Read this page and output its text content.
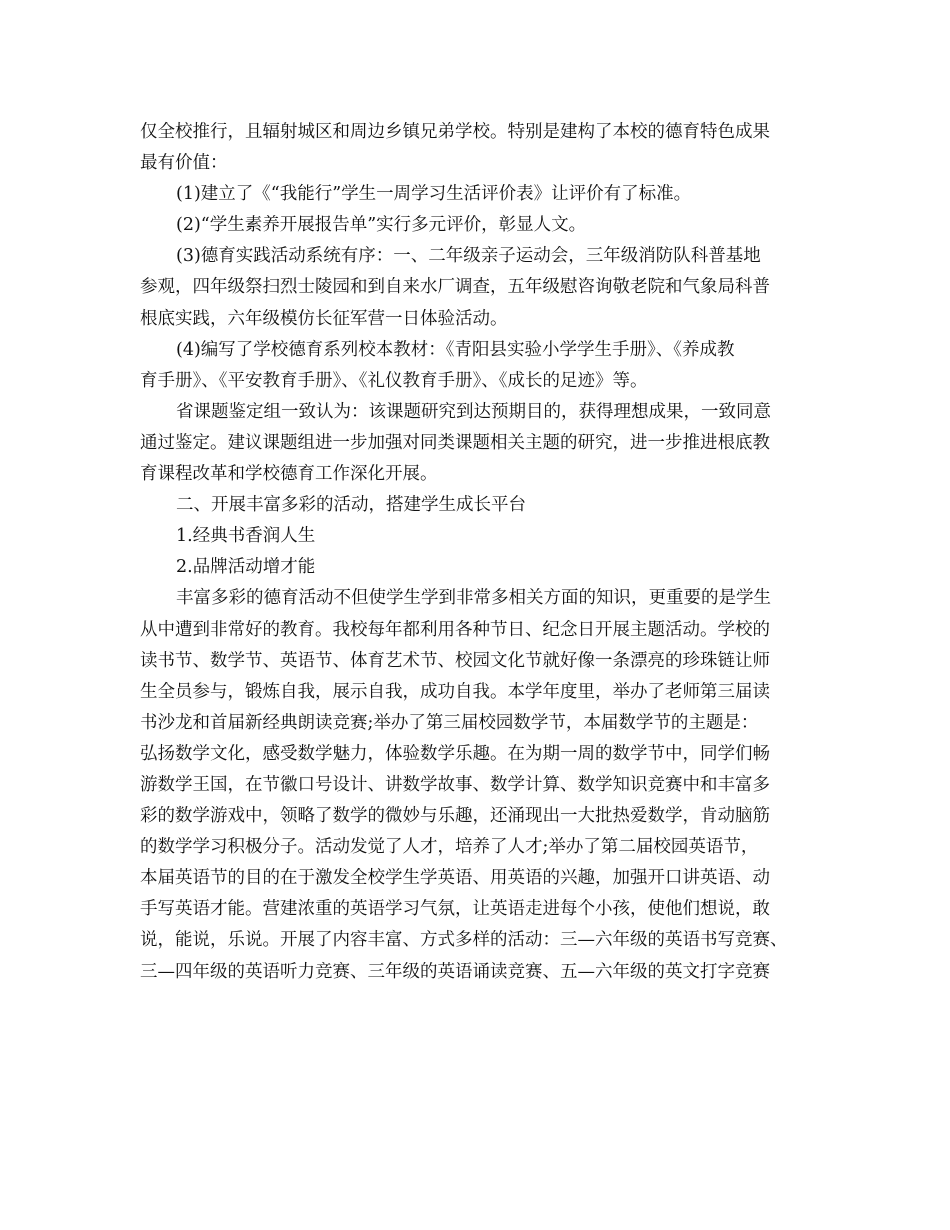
仅全校推行，且辐射城区和周边乡镇兄弟学校。特别是建构了本校的德育特色成果
最有价值：
(1)建立了《“我能行”学生一周学习生活评价表》让评价有了标准。
(2)“学生素养开展报告单”实行多元评价，彰显人文。
(3)德育实践活动系统有序：一、二年级亲子运动会，三年级消防队科普基地
参观，四年级祭扫烈士陵园和到自来水厂调查，五年级慰咨询敬老院和气象局科普
根底实践，六年级模仿长征军营一日体验活动。
(4)编写了学校德育系列校本教材：《青阳县实验小学学生手册》、《养成教
育手册》、《平安教育手册》、《礼仪教育手册》、《成长的足迹》等。
省课题鉴定组一致认为：该课题研究到达预期目的，获得理想成果，一致同意
通过鉴定。建议课题组进一步加强对同类课题相关主题的研究，进一步推进根底教
育课程改革和学校德育工作深化开展。
二、开展丰富多彩的活动，搭建学生成长平台
1.经典书香润人生
2.品牌活动增才能
丰富多彩的德育活动不但使学生学到非常多相关方面的知识，更重要的是学生
从中遭到非常好的教育。我校每年都利用各种节日、纪念日开展主题活动。学校的
读书节、数学节、英语节、体育艺术节、校园文化节就好像一条漂亮的珍珠链让师
生全员参与，锻炼自我，展示自我，成功自我。本学年度里，举办了老师第三届读
书沙龙和首届新经典朗读竞赛;举办了第三届校园数学节，本届数学节的主题是：
弘扬数学文化，感受数学魅力，体验数学乐趣。在为期一周的数学节中，同学们畅
游数学王国，在节徽口号设计、讲数学故事、数学计算、数学知识竞赛中和丰富多
彩的数学游戏中，领略了数学的微妙与乐趣，还涌现出一大批热爱数学，肯动脑筋
的数学学习积极分子。活动发觉了人才，培养了人才;举办了第二届校园英语节，
本届英语节的目的在于激发全校学生学英语、用英语的兴趣，加强开口讲英语、动
手写英语才能。营建浓重的英语学习气氛，让英语走进每个小孩，使他们想说，敢
说，能说，乐说。开展了内容丰富、方式多样的活动：三—六年级的英语书写竞赛、
三—四年级的英语听力竞赛、三年级的英语诵读竞赛、五—六年级的英文打字竞赛
